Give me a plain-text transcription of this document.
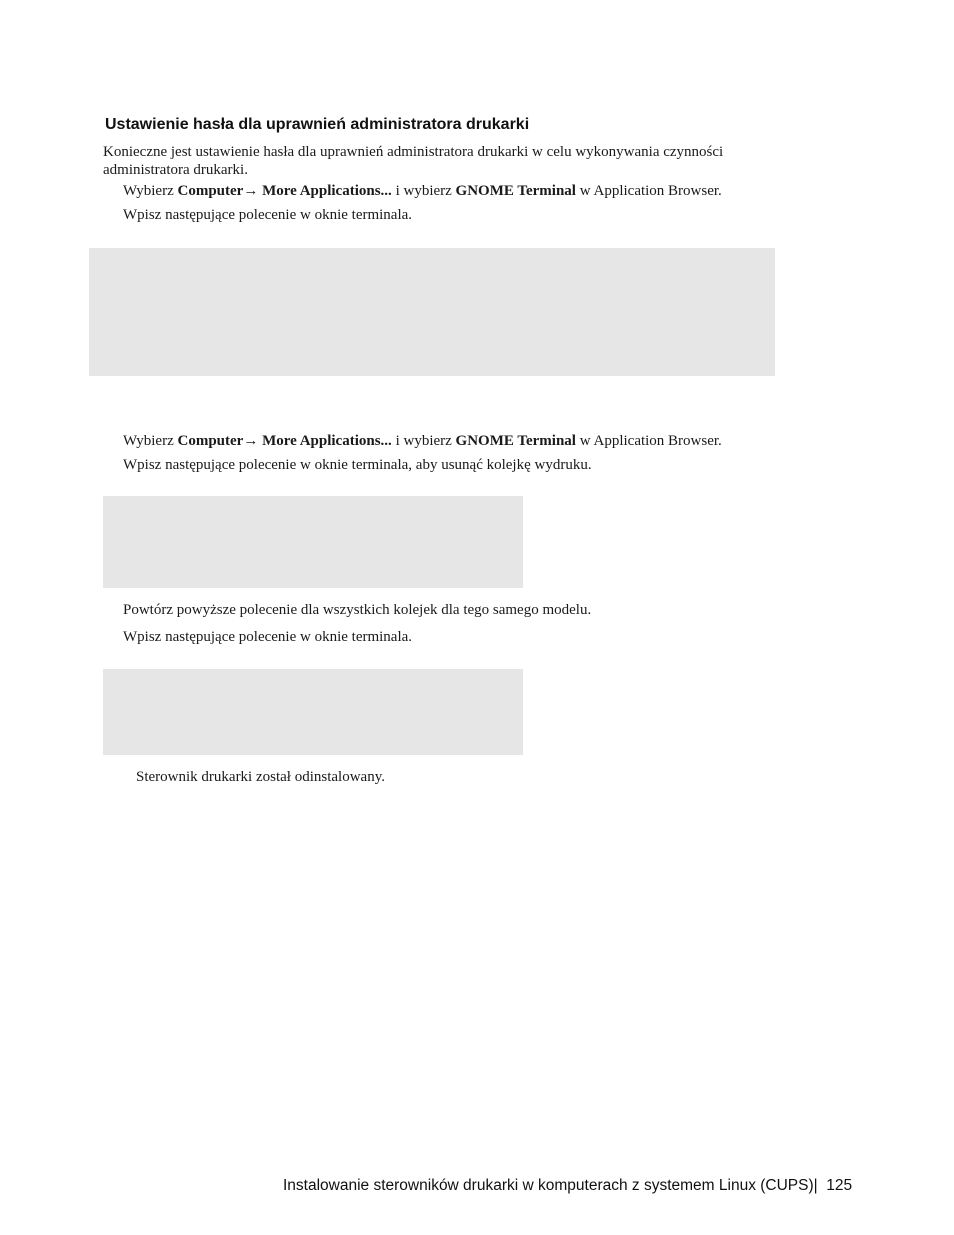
Ustawienie hasła dla uprawnień administratora drukarki
Konieczne jest ustawienie hasła dla uprawnień administratora drukarki w celu wykonywania czynności administratora drukarki.
Wybierz Computer→ More Applications... i wybierz GNOME Terminal w Application Browser.
Wpisz następujące polecenie w oknie terminala.
Wybierz Computer→ More Applications... i wybierz GNOME Terminal w Application Browser.
Wpisz następujące polecenie w oknie terminala, aby usunąć kolejkę wydruku.
Powtórz powyższe polecenie dla wszystkich kolejek dla tego samego modelu.
Wpisz następujące polecenie w oknie terminala.
Sterownik drukarki został odinstalowany.
Instalowanie sterowników drukarki w komputerach z systemem Linux (CUPS)| 125
